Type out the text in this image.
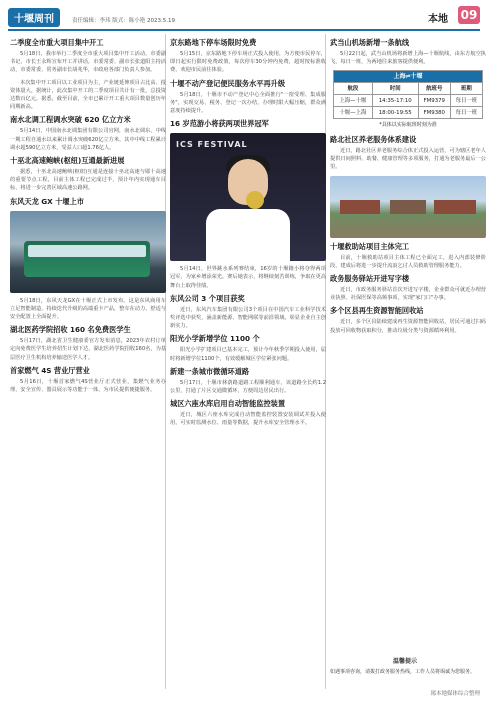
十堰周刊	责任编辑：李玮 版式：陈小艳 2023.5.19	本地 09
二季度全市重大项目集中开工
5月18日，我市举行二季度全市重大项目集中开工活动。市委副书记、市长王永辉宣布开工并讲话，市委常委、副市长张道阳主持活动，市委常委、常务副市长胡兆华，市政府各部门负责人参加。
本次集中开工项目以工业项目为主，产业链延伸项目占比高、投资体量大。据统计，此次集中开工的二季度项目共计有一批，总投资达数百亿元。据悉，截至目前，全市已累计开工重大项目数量创历年同期新高。
南水北调工程调水突破 620 亿立方米
5月14日，中国南水北调集团有限公司官网，南水北调东、中线一期工程自通水以来累计调水突破620亿立方米，其中中线工程累计调水超590亿立方米，受益人口超1.76亿人。
十巫北高速鲍峡(枢纽)互通最新进展
据悉，十巫北高速鲍峡(枢纽)互通是连接十巫北高速与郧十高速的重要节点工程，目前主体工程已完成过半，预计年内实现通车目标，将进一步完善区域高速公路网。
东风天龙 GX 十堰上市
5月18日，东风天龙GX在十堰正式上市发布。这是东风商用车立足智能制造、持续迭代升级的高端重卡产品，整车在动力、舒适与安全配置上全面提升。
湖北医药学院招收 160 名免费医学生
5月17日，湖北省卫生健康委官方发布消息，2023年农村订单定向免费医学生培养招生计划下达，湖北医药学院招收160名，为基层医疗卫生机构培养输送医学人才。
首家燃气 4S 营业厅营业
5月16日，十堰首家燃气4S营业厅正式营业，集燃气业务办理、安全宣传、器具展示等功能于一体，为市民提供便捷服务。
京东路地下停车场限时免费
5月15日，京东路地下停车场正式投入使用，为方便市民停车，即日起实行限时免费政策，每次停车30分钟内免费，超时按标准收费，欢迎市民前往体验。
十堰不动产登记便民服务水平再升级
5月18日，十堰市不动产登记中心全面推行"一窗受理、集成服务"，实现交易、税务、登记一次办结，办理时限大幅压缩，群众满意度持续提升。
16 岁范游小将获两项世界冠军
ICS FESTIVAL
5月14日，世界跳水系列赛结束，16岁的十堰籍小将夺得两项冠军，为家乡增添荣光。赛后她表示，将继续刻苦训练，争取在更高舞台上取得佳绩。
东风公司 3 个项目获奖
近日，东风汽车集团有限公司3个项目在中国汽车工业科学技术奖评选中获奖，涵盖新能源、智能网联等前沿领域，彰显企业自主创新实力。
阳光小学新增学位 1100 个
阳光小学扩建项目已基本完工，预计今年秋季学期投入使用，届时将新增学位1100个，有效缓解城区学位紧张问题。
新建一条城市微循环道路
5月17日，十堰市林荫路道路工程顺利通车，该道路全长约1.2公里，打通了片区交通微循环，方便周边居民出行。
城区六座水库启用自动智能监控装置
近日，城区六座水库完成自动智能监控装置安装调试并投入使用，可实时监测水位、雨量等数据，提升水库安全管理水平。
武当山机场新增一条航线
5月22日起，武当山机场将新增上海—十堰航线，由东方航空执飞，每日一班，为两地往来旅客提供便利。
上海⇌十堰			
航段	时间	航班号	班期
上海—十堰	14:35-17:10	FM9379	每日一班
十堰—上海	18:00-19:55	FM9380	每日一班
*具体以实际航班时刻为准			
路北社区养老服务体系建设
近日，路北社区养老服务综合体正式投入运营，可为辖区老年人提供日间照料、助餐、健康管理等多项服务，打通为老服务最后一公里。
十堰救助站项目主体完工
目前，十堰救助站项目主体工程已全面完工，进入内部装修阶段，建成后将进一步提升流浪乞讨人员救助管理服务能力。
政务服务驿站开进写字楼
近日，市政务服务驿站首次开进写字楼，企业群众可就近办理营业执照、社保医保等高频事项，实现"家门口"办事。
多个区县再生资源智能回收站
近日，多个区县陆续建成再生资源智能回收站，居民可通过扫码投放可回收物获取积分，推动垃圾分类与资源循环利用。
温馨提示
如遇事项咨询，请拨打政务服务热线，工作人员将竭诚为您服务。
郧本地媒体综合整理
